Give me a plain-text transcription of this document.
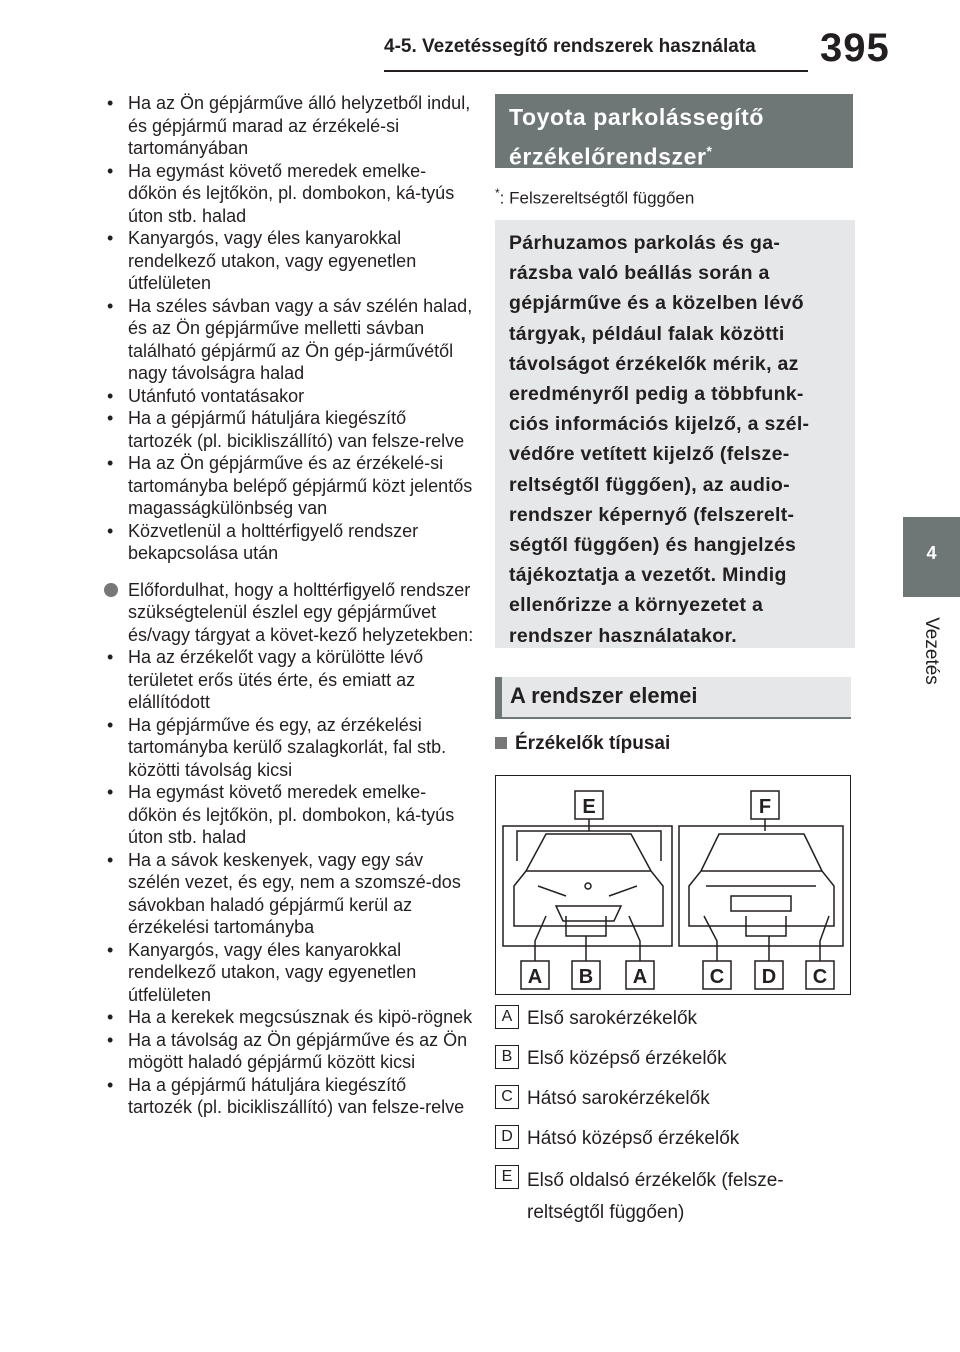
4-5. Vezetéssegítő rendszerek használata 395
4
Vezetés
• Ha az Ön gépjárműve álló helyzetből indul, és gépjármű marad az érzékelé-si tartományában
• Ha egymást követő meredek emelke-dőkön és lejtőkön, pl. dombokon, ká-tyús úton stb. halad
• Kanyargós, vagy éles kanyarokkal rendelkező utakon, vagy egyenetlen útfelületen
• Ha széles sávban vagy a sáv szélén halad, és az Ön gépjárműve melletti sávban található gépjármű az Ön gép-járművétől nagy távolságra halad
• Utánfutó vontatásakor
• Ha a gépjármű hátuljára kiegészítő tartozék (pl. bicikliszállító) van felsze-relve
• Ha az Ön gépjárműve és az érzékelé-si tartományba belépő gépjármű közt jelentős magasságkülönbség van
• Közvetlenül a holttérfigyelő rendszer bekapcsolása után
Előfordulhat, hogy a holttérfigyelő rendszer szükségtelenül észlel egy gépjárművet és/vagy tárgyat a követ-kező helyzetekben:
• Ha az érzékelőt vagy a körülötte lévő területet erős ütés érte, és emiatt az elállítódott
• Ha gépjárműve és egy, az érzékelési tartományba kerülő szalagkorlát, fal stb. közötti távolság kicsi
• Ha egymást követő meredek emelke-dőkön és lejtőkön, pl. dombokon, ká-tyús úton stb. halad
• Ha a sávok keskenyek, vagy egy sáv szélén vezet, és egy, nem a szomszé-dos sávokban haladó gépjármű kerül az érzékelési tartományba
• Kanyargós, vagy éles kanyarokkal rendelkező utakon, vagy egyenetlen útfelületen
• Ha a kerekek megcsúsznak és kipö-rögnek
• Ha a távolság az Ön gépjárműve és az Ön mögött haladó gépjármű között kicsi
• Ha a gépjármű hátuljára kiegészítő tartozék (pl. bicikliszállító) van felsze-relve
Toyota parkolássegítő
érzékelőrendszer*
*: Felszereltségtől függően
Párhuzamos parkolás és ga-rázsba való beállás során a gépjárműve és a közelben lévő tárgyak, például falak közötti távolságot érzékelők mérik, az eredményről pedig a többfunk-ciós információs kijelző, a szél-védőre vetített kijelző (felsze-reltségtől függően), az audio-rendszer képernyő (felszerelt-ségtől függően) és hangjelzés tájékoztatja a vezetőt. Mindig ellenőrizze a környezetet a rendszer használatakor.
A rendszer elemei
Érzékelők típusai
E	F
A B A	C D C
A Első sarokérzékelők
B Első középső érzékelők
C Hátsó sarokérzékelők
D Hátsó középső érzékelők
E Első oldalsó érzékelők (felsze-reltségtől függően)
